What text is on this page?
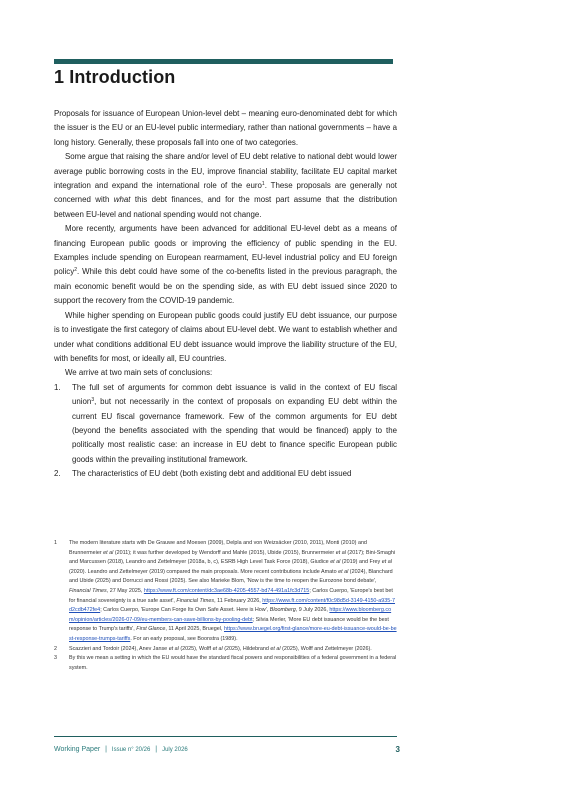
1 Introduction

Proposals for issuance of European Union-level debt – meaning euro-denominated debt for which the issuer is the EU or an EU-level public intermediary, rather than national governments – have a long history. Generally, these proposals fall into one of two categories.

Some argue that raising the share and/or level of EU debt relative to national debt would lower average public borrowing costs in the EU, improve financial stability, facilitate EU capital market integration and expand the international role of the euro$^1$. These proposals are generally not concerned with what this debt finances, and for the most part assume that the distribution between EU-level and national spending would not change.

More recently, arguments have been advanced for additional EU-level debt as a means of financing European public goods or improving the efficiency of public spending in the EU. Examples include spending on European rearmament, EU-level industrial policy and EU foreign policy$^2$. While this debt could have some of the co-benefits listed in the previous paragraph, the main economic benefit would be on the spending side, as with EU debt issued since 2020 to support the recovery from the COVID-19 pandemic.

While higher spending on European public goods could justify EU debt issuance, our purpose is to investigate the first category of claims about EU-level debt. We want to establish whether and under what conditions additional EU debt issuance would improve the liability structure of the EU, with benefits for most, or ideally all, EU countries.

We arrive at two main sets of conclusions:

1. The full set of arguments for common debt issuance is valid in the context of EU fiscal union$^3$, but not necessarily in the context of proposals on expanding EU debt within the current EU fiscal governance framework. Few of the common arguments for EU debt (beyond the benefits associated with the spending that would be financed) apply to the politically most realistic case: an increase in EU debt to finance specific European public goods within the prevailing institutional framework.
2. The characteristics of EU debt (both existing debt and additional EU debt issued

1 The modern literature starts with De Grauwe and Moesen (2009), Delpla and von Weizsäcker (2010, 2011), Monti (2010) and Brunnermeier et al (2011); it was further developed by Wendorff and Mahle (2015), Ubide (2015), Brunnermeier et al (2017); Bini-Smaghi and Marcussen (2018), Leandro and Zettelmeyer (2018a, b, c), ESRB High Level Task Force (2018), Giudice et al (2019) and Frey et al (2020). Leandro and Zettelmeyer (2019) compared the main proposals. More recent contributions include Amato et al (2024), Blanchard and Ubide (2025) and Dorrucci and Rossi (2025). See also Marieke Blom, 'Now is the time to reopen the Eurozone bond debate', Financial Times, 27 May 2025, https://www.ft.com/content/dc3ae68b-4205-4557-bd74-491a1fc3d715; Carlos Cuerpo, 'Europe's best bet for financial sovereignty is a true safe asset', Financial Times, 11 February 2026, https://www.ft.com/content/f0c98d5d-3149-4150-a935-7d2cdb472fe4; Carlos Cuerpo, 'Europe Can Forge Its Own Safe Asset. Here is How', Bloomberg, 9 July 2026, https://www.bloomberg.com/opinion/articles/2026-07-09/eu-members-can-save-billions-by-pooling-debt; Silvia Merler, 'More EU debt issuance would be the best response to Trump's tariffs', First Glance, 11 April 2025, Bruegel, https://www.bruegel.org/first-glance/more-eu-debt-issuance-would-be-best-response-trumps-tariffs. For an early proposal, see Boonstra (1989).

2 Scazzieri and Tordoir (2024), Anev Janse et al (2025), Wolff et al (2025), Hildebrand et al (2025), Wolff and Zettelmeyer (2026).

3 By this we mean a setting in which the EU would have the standard fiscal powers and responsibilities of a federal government in a federal system.

Working Paper | Issue n° 20/26 | July 2026	3
